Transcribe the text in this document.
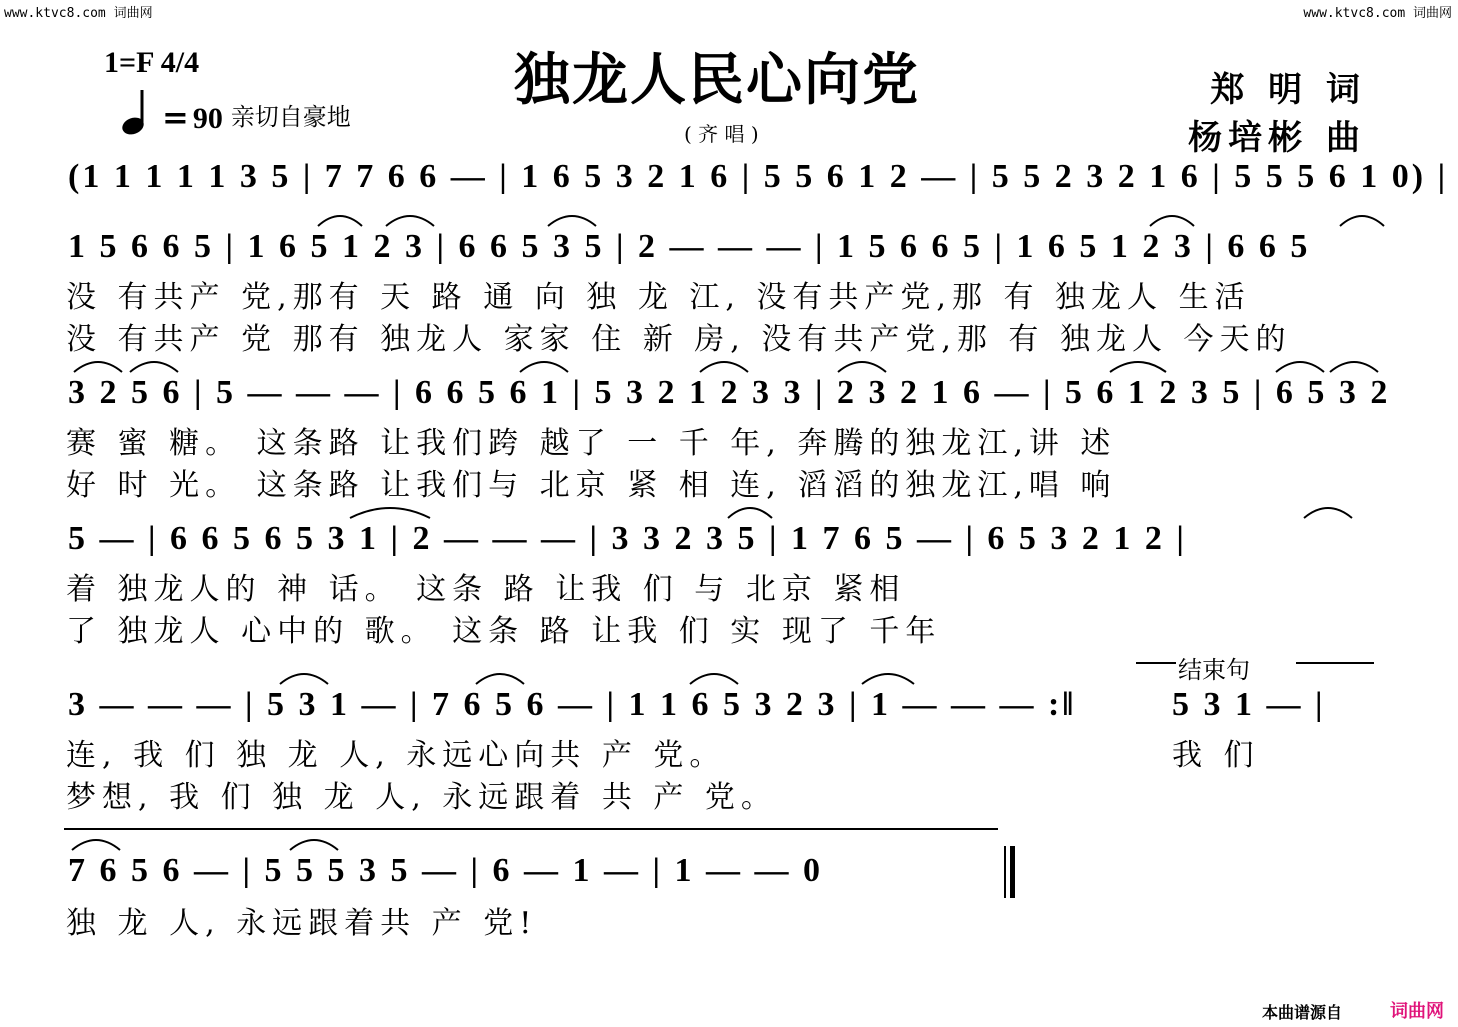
www.ktvc8.com 词曲网	www.ktvc8.com 词曲网
1=F 4/4
= 90 亲切自豪地
独龙人民心向党
( 齐 唱 )
郑 明 词
杨培彬 曲
(1 1 1 1 1 3 5 | 7 7 6 6 — | 1 6 5 3 2 1 6 | 5 5 6 1 2 — | 5 5 2 3 2 1 6 | 5 5 5 6 1 0) |
1 5 6 6 5 | 1 6 5 1 2 3 | 6 6 5 3 5 | 2 — — — | 1 5 6 6 5 | 1 6 5 1 2 3 | 6 6 5
没 有共产 党,那有 天 路 通 向 独 龙 江, 没有共产党,那 有 独龙人 生活
没 有共产 党 那有 独龙人 家家 住 新 房, 没有共产党,那 有 独龙人 今天的
3 2 5 6 | 5 — — — | 6 6 5 6 1 | 5 3 2 1 2 3 3 | 2 3 2 1 6 — | 5 6 1 2 3 5 | 6 5 3 2
赛 蜜 糖。 这条路 让我们跨 越了 一 千 年, 奔腾的独龙江,讲 述
好 时 光。 这条路 让我们与 北京 紧 相 连, 滔滔的独龙江,唱 响
5 — | 6 6 5 6 5 3 1 | 2 — — — | 3 3 2 3 5 | 1 7 6 5 — | 6 5 3 2 1 2 |
着 独龙人的 神 话。 这条 路 让我 们 与 北京 紧相
了 独龙人 心中的 歌。 这条 路 让我 们 实 现了 千年
3 — — — | 5 3 1 — | 7 6 5 6 — | 1 1 6 5 3 2 3 | 1 — — — :‖
结束句
5 3 1 — |
连, 我 们 独 龙 人, 永远心向共 产 党。	我 们
梦想, 我 们 独 龙 人, 永远跟着 共 产 党。
7 6 5 6 — | 5 5 5 3 5 — | 6 — 1 — | 1 — — 0
独 龙 人, 永远跟着共 产 党!
本曲谱源自	词曲网
